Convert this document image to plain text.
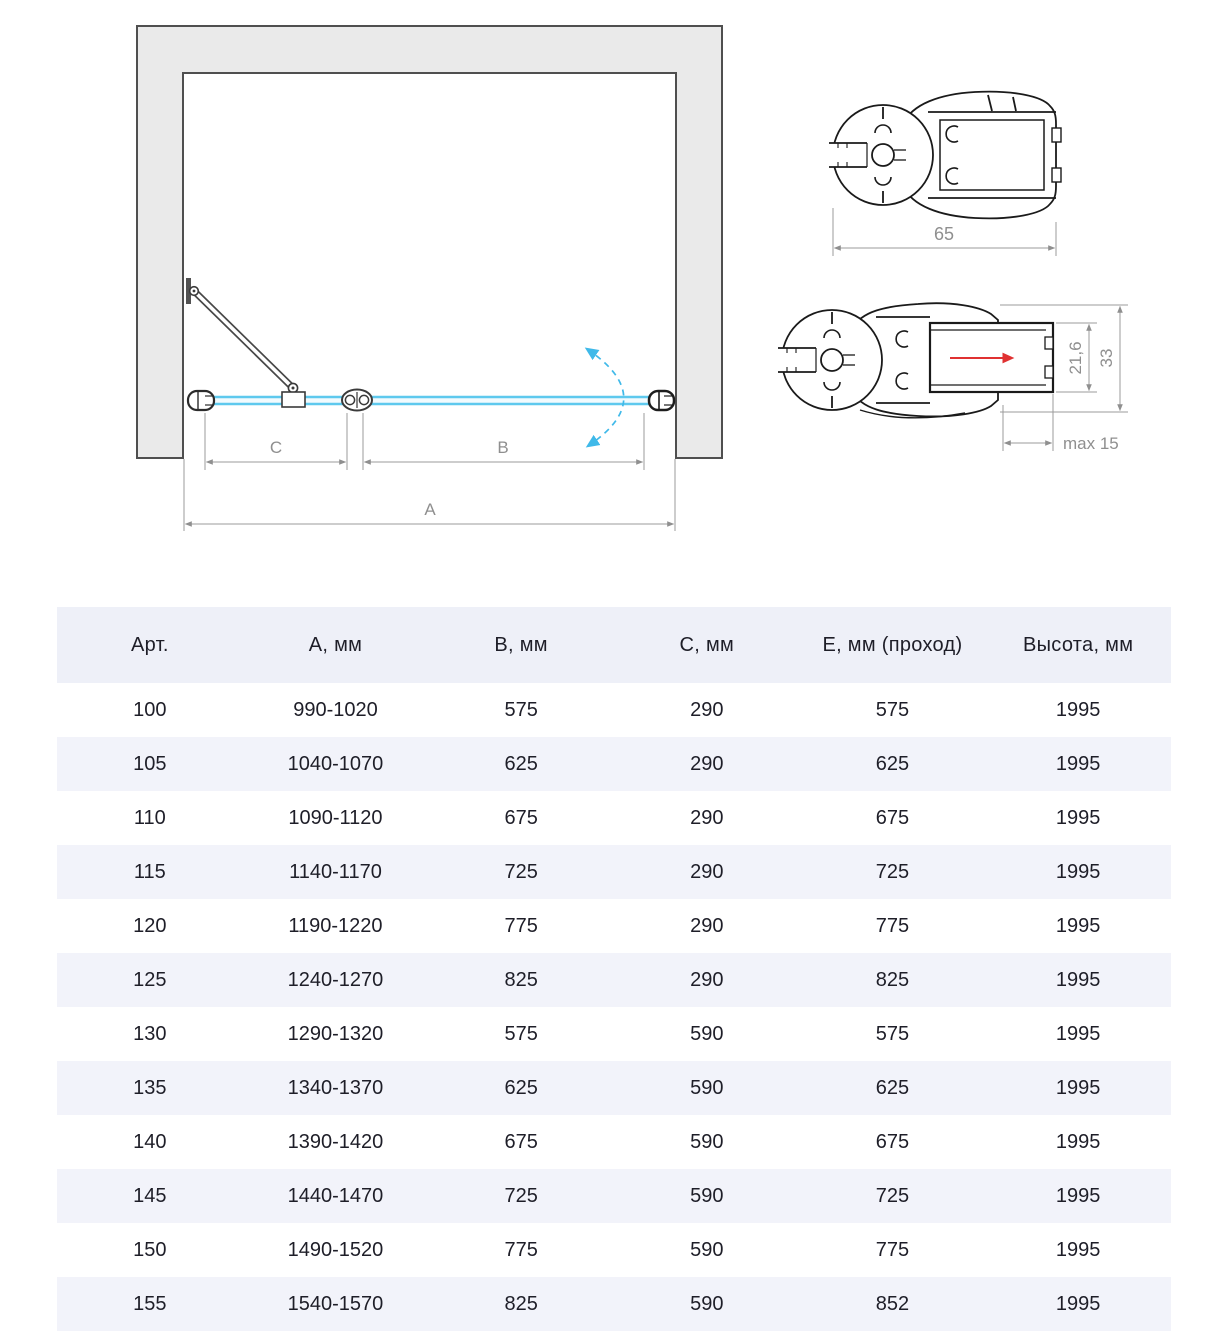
C	B
A
65
21,6 33
max 15
Арт.	А, мм	В, мм	С, мм	Е, мм (проход)	Высота, мм
100	990-1020	575	290	575	1995
105	1040-1070	625	290	625	1995
110	1090-1120	675	290	675	1995
115	1140-1170	725	290	725	1995
120	1190-1220	775	290	775	1995
125	1240-1270	825	290	825	1995
130	1290-1320	575	590	575	1995
135	1340-1370	625	590	625	1995
140	1390-1420	675	590	675	1995
145	1440-1470	725	590	725	1995
150	1490-1520	775	590	775	1995
155	1540-1570	825	590	852	1995
